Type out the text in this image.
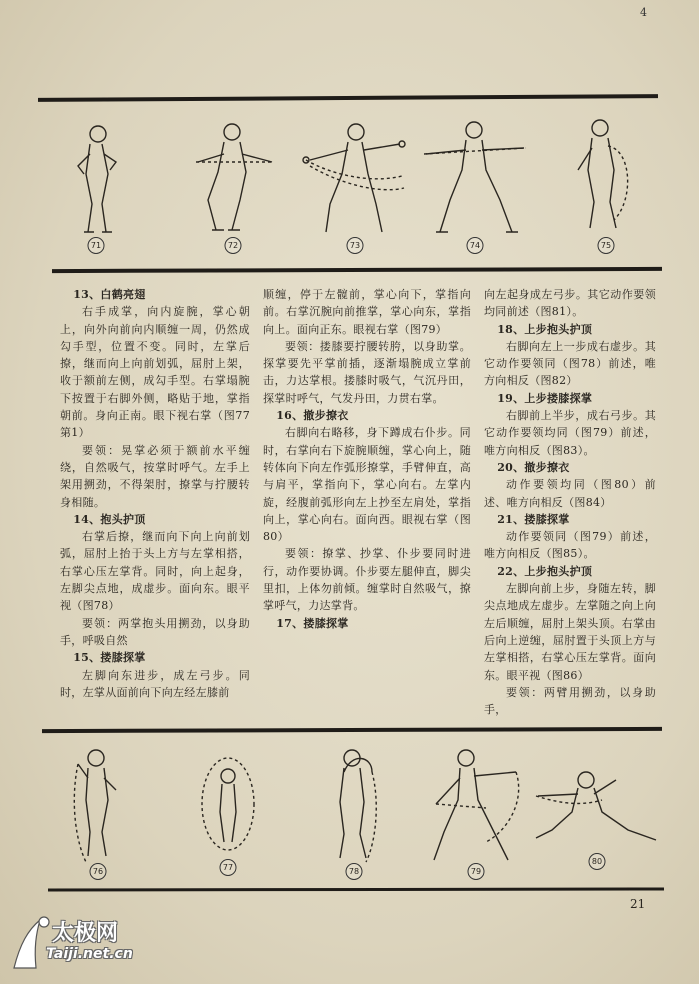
4
71	72	73	74	75

13、白鹤亮翅

右手成掌，向内旋腕，掌心朝上，向外向前向内顺缠一周，仍然成勾手型，位置不变。同时，左掌后撩，继而向上向前划弧，屈肘上架，收于额前左侧，成勾手型。右掌塌腕下按置于右脚外侧，略贴于地，掌指朝前。身向正南。眼下视右掌（图77第1）

要领：晃掌必须于额前水平缠绕，自然吸气，按掌时呼气。左手上架用搠劲，不得架肘，撩掌与拧腰转身相随。

14、抱头护顶

右掌后撩，继而向下向上向前划弧，屈肘上抬于头上方与左掌相搭，右掌心压左掌背。同时，向上起身，左脚尖点地，成虚步。面向东。眼平视（图78）

要领：两掌抱头用搠劲，以身助手，呼吸自然

15、搂膝探掌

左脚向东进步，成左弓步。同时，左掌从面前向下向左经左膝前

顺缠，停于左髋前，掌心向下，掌指向前。右掌沉腕向前推掌，掌心向东，掌指向上。面向正东。眼视右掌（图79）

要领：搂膝要拧腰转胯，以身助掌。探掌要先平掌前插，逐渐塌腕成立掌前击，力达掌根。搂膝时吸气，气沉丹田，探掌时呼气，气发丹田，力贯右掌。

16、撤步撩衣

右脚向右略移，身下蹲成右仆步。同时，右掌向右下旋腕顺缠，掌心向上，随转体向下向左作弧形撩掌，手臂伸直，高与肩平，掌指向下，掌心向右。左掌内旋，经腹前弧形向左上抄至左肩处，掌指向上，掌心向右。面向西。眼视右掌（图80）

要领：撩掌、抄掌、仆步要同时进行，动作要协调。仆步要左腿伸直，脚尖里扣，上体勿前倾。缠掌时自然吸气，撩掌呼气，力达掌背。

17、搂膝探掌

向左起身成左弓步。其它动作要领均同前述（图81）。

18、上步抱头护顶

右脚向左上一步成右虚步。其它动作要领同（图78）前述，唯方向相反（图82）

19、上步搂膝探掌

右脚前上半步，成右弓步。其它动作要领均同（图79）前述，唯方向相反（图83）。

20、撤步撩衣

动作要领均同（图80）前述、唯方向相反（图84）

21、搂膝探掌

动作要领同（图79）前述，唯方向相反（图85）。

22、上步抱头护顶

左脚向前上步，身随左转，脚尖点地成左虚步。左掌随之向上向左后顺缠，屈肘上架头顶。右掌由后向上逆缠，屈肘置于头顶上方与左掌相搭，右掌心压左掌背。面向东。眼平视（图86）

要领：两臂用搠劲，以身助手，

76	77	78	79
80
21
太极网
Taiji.net.cn
